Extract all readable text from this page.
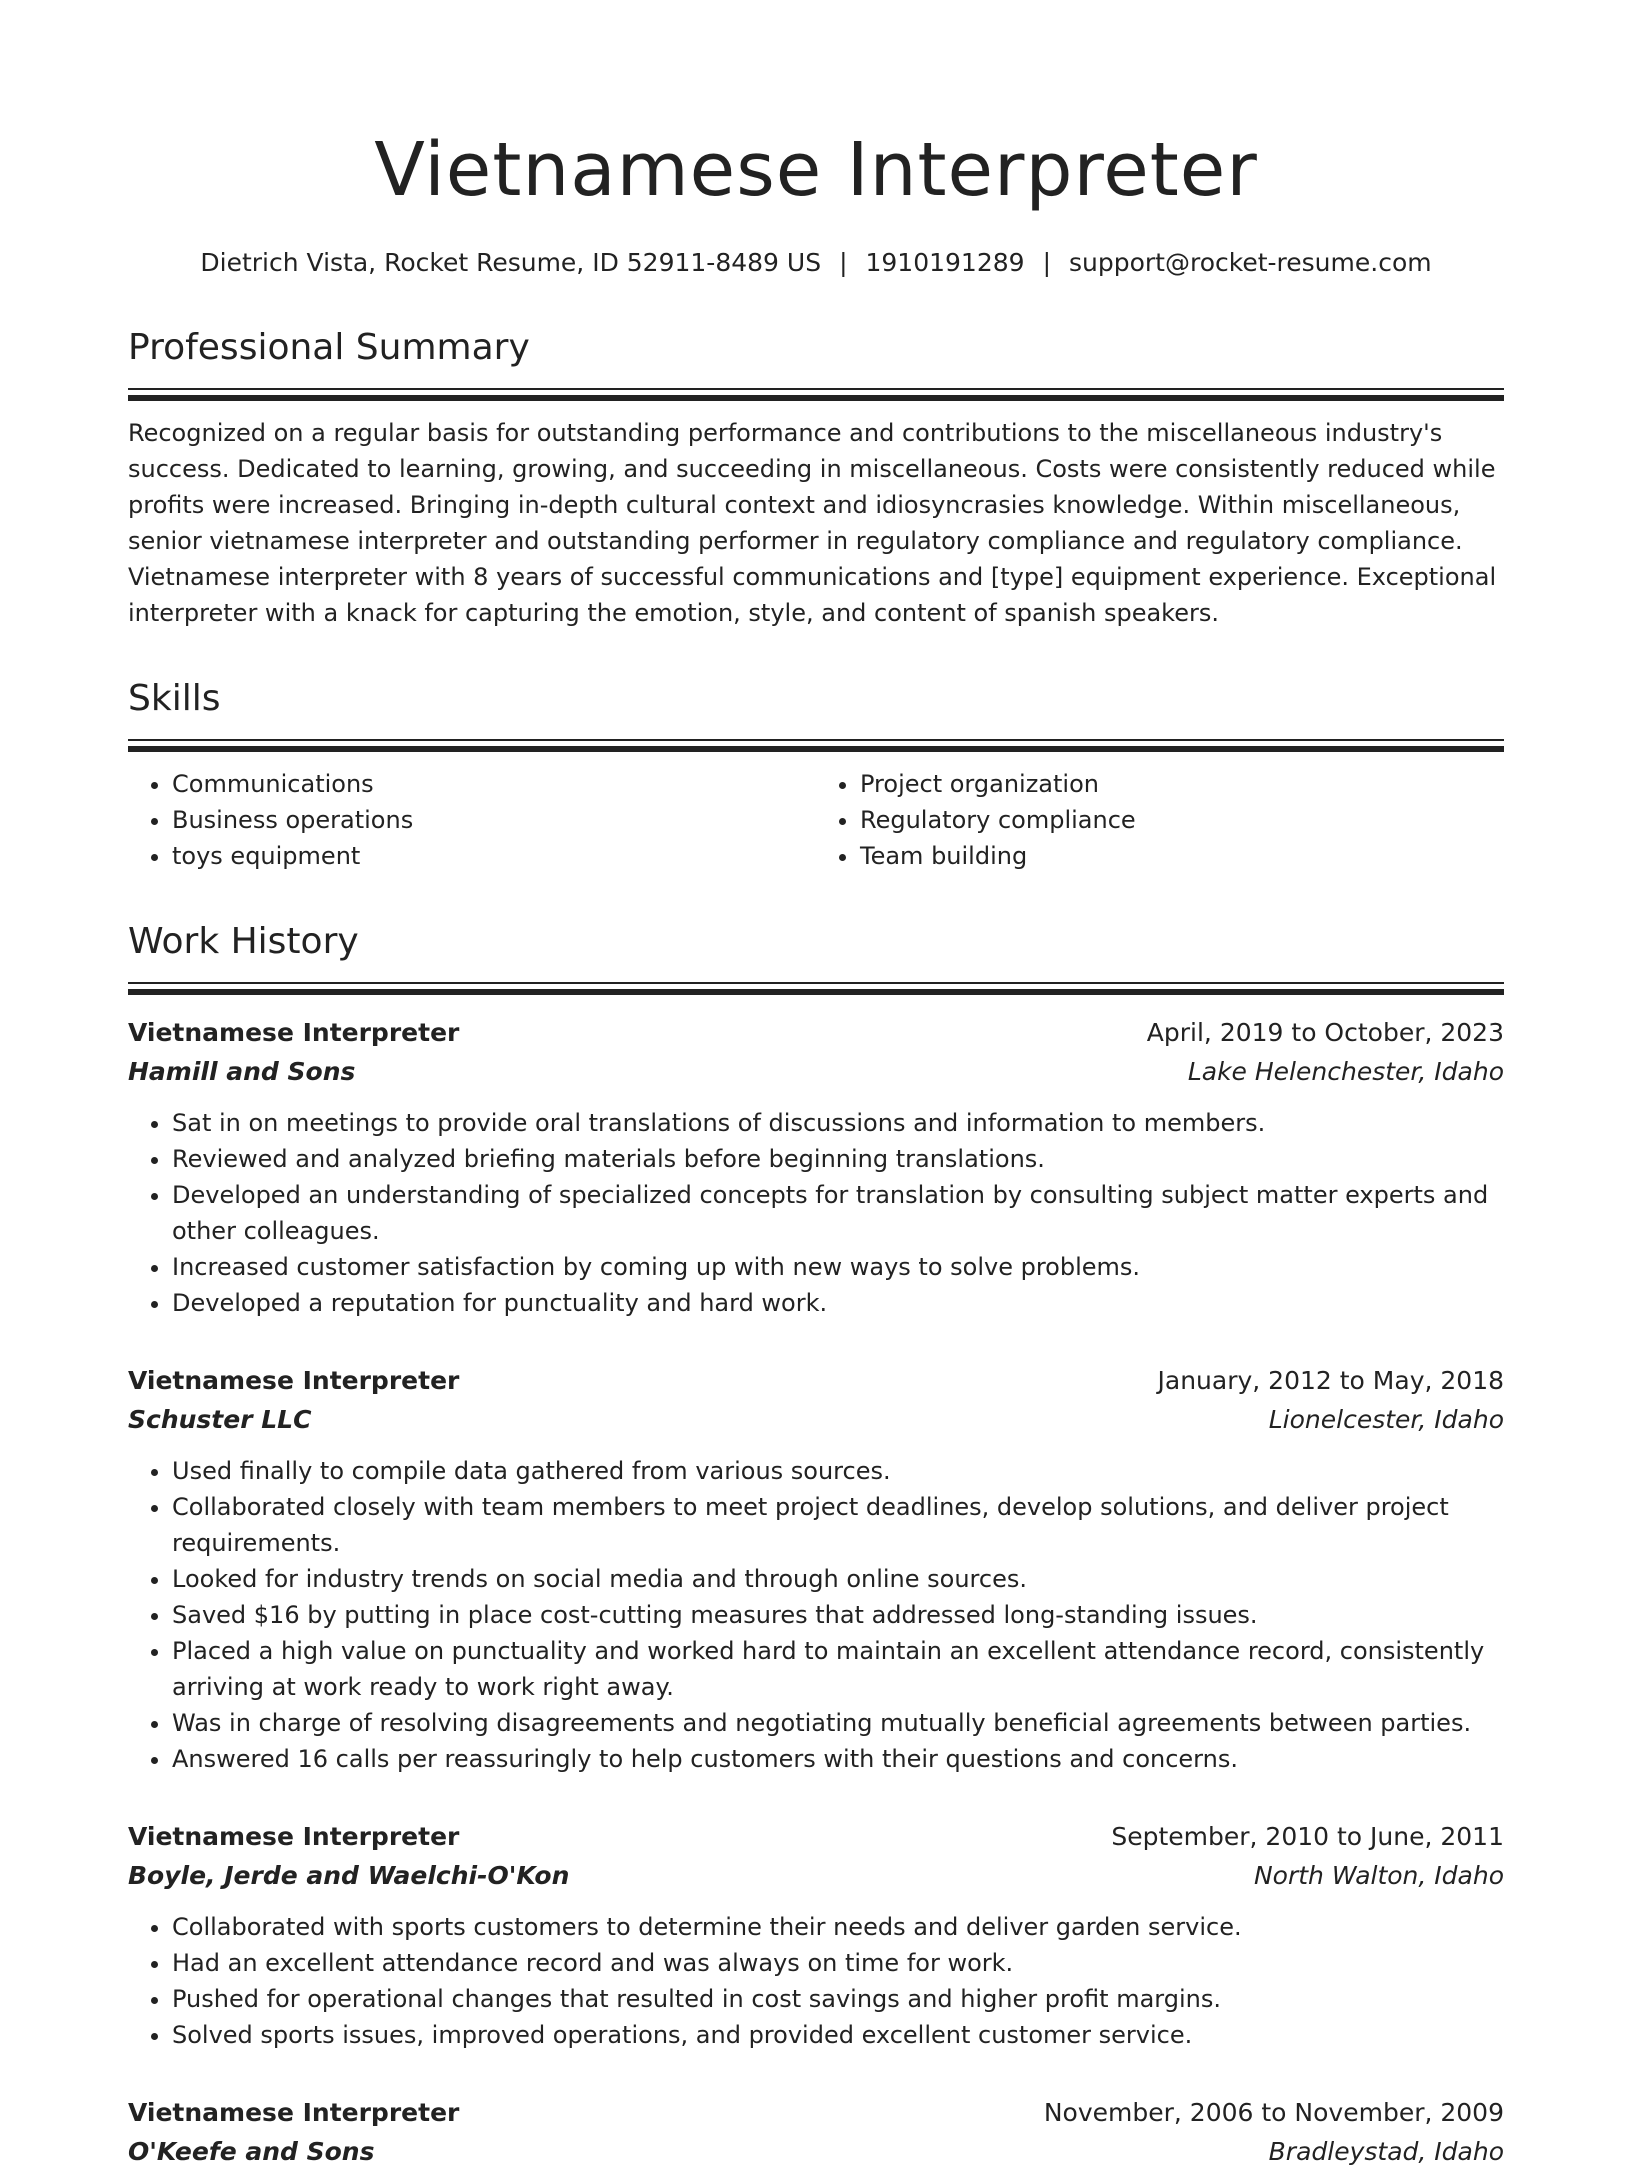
Vietnamese Interpreter
Dietrich Vista, Rocket Resume, ID 52911-8489 US | 1910191289 | support@rocket-resume.com
Professional Summary
Recognized on a regular basis for outstanding performance and contributions to the miscellaneous industry's success. Dedicated to learning, growing, and succeeding in miscellaneous. Costs were consistently reduced while profits were increased. Bringing in-depth cultural context and idiosyncrasies knowledge. Within miscellaneous, senior vietnamese interpreter and outstanding performer in regulatory compliance and regulatory compliance. Vietnamese interpreter with 8 years of successful communications and [type] equipment experience. Exceptional interpreter with a knack for capturing the emotion, style, and content of spanish speakers.
Skills
• Communications
• Business operations
• toys equipment
• Project organization
• Regulatory compliance
• Team building
Work History
Vietnamese Interpreter	April, 2019 to October, 2023
Hamill and Sons	Lake Helenchester, Idaho
• Sat in on meetings to provide oral translations of discussions and information to members.
• Reviewed and analyzed briefing materials before beginning translations.
• Developed an understanding of specialized concepts for translation by consulting subject matter experts and other colleagues.
• Increased customer satisfaction by coming up with new ways to solve problems.
• Developed a reputation for punctuality and hard work.
Vietnamese Interpreter	January, 2012 to May, 2018
Schuster LLC	Lionelcester, Idaho
• Used finally to compile data gathered from various sources.
• Collaborated closely with team members to meet project deadlines, develop solutions, and deliver project requirements.
• Looked for industry trends on social media and through online sources.
• Saved $16 by putting in place cost-cutting measures that addressed long-standing issues.
• Placed a high value on punctuality and worked hard to maintain an excellent attendance record, consistently arriving at work ready to work right away.
• Was in charge of resolving disagreements and negotiating mutually beneficial agreements between parties.
• Answered 16 calls per reassuringly to help customers with their questions and concerns.
Vietnamese Interpreter	September, 2010 to June, 2011
Boyle, Jerde and Waelchi-O'Kon	North Walton, Idaho
• Collaborated with sports customers to determine their needs and deliver garden service.
• Had an excellent attendance record and was always on time for work.
• Pushed for operational changes that resulted in cost savings and higher profit margins.
• Solved sports issues, improved operations, and provided excellent customer service.
Vietnamese Interpreter	November, 2006 to November, 2009
O'Keefe and Sons	Bradleystad, Idaho
